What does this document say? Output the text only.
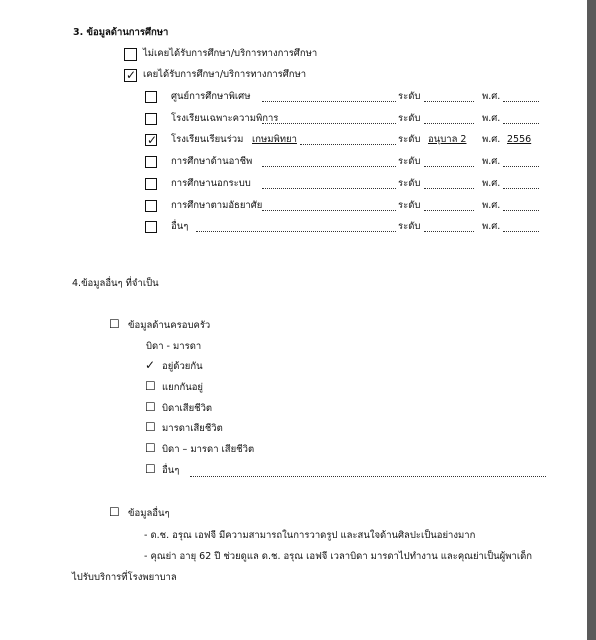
3. ข้อมูลด้านการศึกษา
ไม่เคยได้รับการศึกษา/บริการทางการศึกษา
✓ เคยได้รับการศึกษา/บริการทางการศึกษา
ศูนย์การศึกษาพิเศษ	ระดับ	พ.ศ.
โรงเรียนเฉพาะความพิการ	ระดับ	พ.ศ.
✓ โรงเรียนเรียนร่วม เกษมพิทยา	ระดับ อนุบาล 2 พ.ศ. 2556
การศึกษาด้านอาชีพ	ระดับ	พ.ศ.
การศึกษานอกระบบ	ระดับ	พ.ศ.
การศึกษาตามอัธยาศัย	ระดับ	พ.ศ.
อื่นๆ	ระดับ	พ.ศ.
4.ข้อมูลอื่นๆ ที่จำเป็น
☐ ข้อมูลด้านครอบครัว
บิดา - มารดา
✓ อยู่ด้วยกัน
☐ แยกกันอยู่
☐ บิดาเสียชีวิต
☐ มารดาเสียชีวิต
☐ บิดา – มารดา เสียชีวิต
☐ อื่นๆ
☐ ข้อมูลอื่นๆ
- ด.ช. อรุณ เอฟจี มีความสามารถในการวาดรูป และสนใจด้านศิลปะเป็นอย่างมาก
- คุณย่า อายุ 62 ปี ช่วยดูแล ด.ช. อรุณ เอฟจี เวลาบิดา มารดาไปทำงาน และคุณย่าเป็นผู้พาเด็ก
ไปรับบริการที่โรงพยาบาล
